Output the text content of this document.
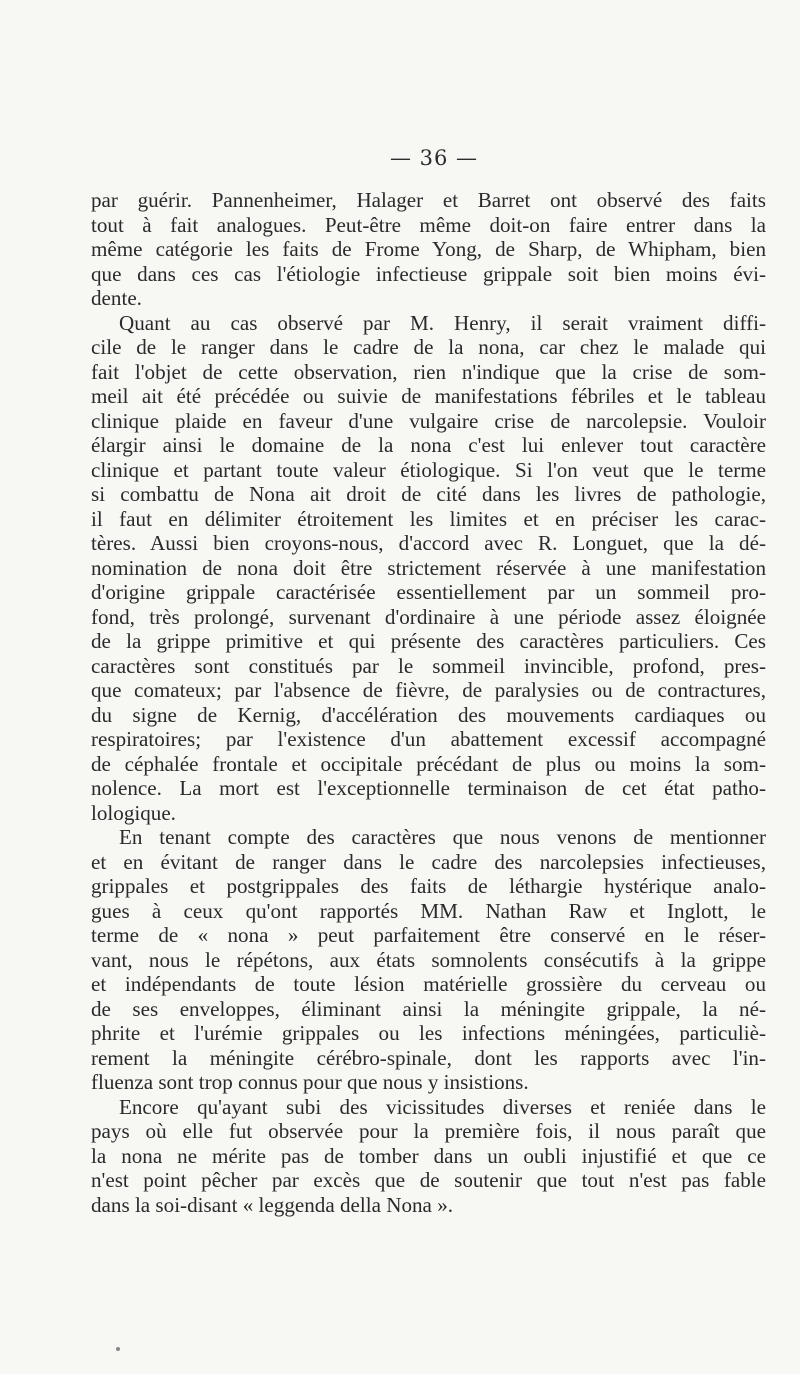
— 36 —
par guérir. Pannenheimer, Halager et Barret ont observé des faits
tout à fait analogues. Peut-être même doit-on faire entrer dans la
même catégorie les faits de Frome Yong, de Sharp, de Whipham, bien
que dans ces cas l'étiologie infectieuse grippale soit bien moins évi-
dente.
Quant au cas observé par M. Henry, il serait vraiment diffi-
cile de le ranger dans le cadre de la nona, car chez le malade qui
fait l'objet de cette observation, rien n'indique que la crise de som-
meil ait été précédée ou suivie de manifestations fébriles et le tableau
clinique plaide en faveur d'une vulgaire crise de narcolepsie. Vouloir
élargir ainsi le domaine de la nona c'est lui enlever tout caractère
clinique et partant toute valeur étiologique. Si l'on veut que le terme
si combattu de Nona ait droit de cité dans les livres de pathologie,
il faut en délimiter étroitement les limites et en préciser les carac-
tères. Aussi bien croyons-nous, d'accord avec R. Longuet, que la dé-
nomination de nona doit être strictement réservée à une manifestation
d'origine grippale caractérisée essentiellement par un sommeil pro-
fond, très prolongé, survenant d'ordinaire à une période assez éloignée
de la grippe primitive et qui présente des caractères particuliers. Ces
caractères sont constitués par le sommeil invincible, profond, pres-
que comateux; par l'absence de fièvre, de paralysies ou de contractures,
du signe de Kernig, d'accélération des mouvements cardiaques ou
respiratoires; par l'existence d'un abattement excessif accompagné
de céphalée frontale et occipitale précédant de plus ou moins la som-
nolence. La mort est l'exceptionnelle terminaison de cet état patho-
lologique.
En tenant compte des caractères que nous venons de mentionner
et en évitant de ranger dans le cadre des narcolepsies infectieuses,
grippales et postgrippales des faits de léthargie hystérique analo-
gues à ceux qu'ont rapportés MM. Nathan Raw et Inglott, le
terme de « nona » peut parfaitement être conservé en le réser-
vant, nous le répétons, aux états somnolents consécutifs à la grippe
et indépendants de toute lésion matérielle grossière du cerveau ou
de ses enveloppes, éliminant ainsi la méningite grippale, la né-
phrite et l'urémie grippales ou les infections méningées, particuliè-
rement la méningite cérébro-spinale, dont les rapports avec l'in-
fluenza sont trop connus pour que nous y insistions.
Encore qu'ayant subi des vicissitudes diverses et reniée dans le
pays où elle fut observée pour la première fois, il nous paraît que
la nona ne mérite pas de tomber dans un oubli injustifié et que ce
n'est point pêcher par excès que de soutenir que tout n'est pas fable
dans la soi-disant « leggenda della Nona ».
